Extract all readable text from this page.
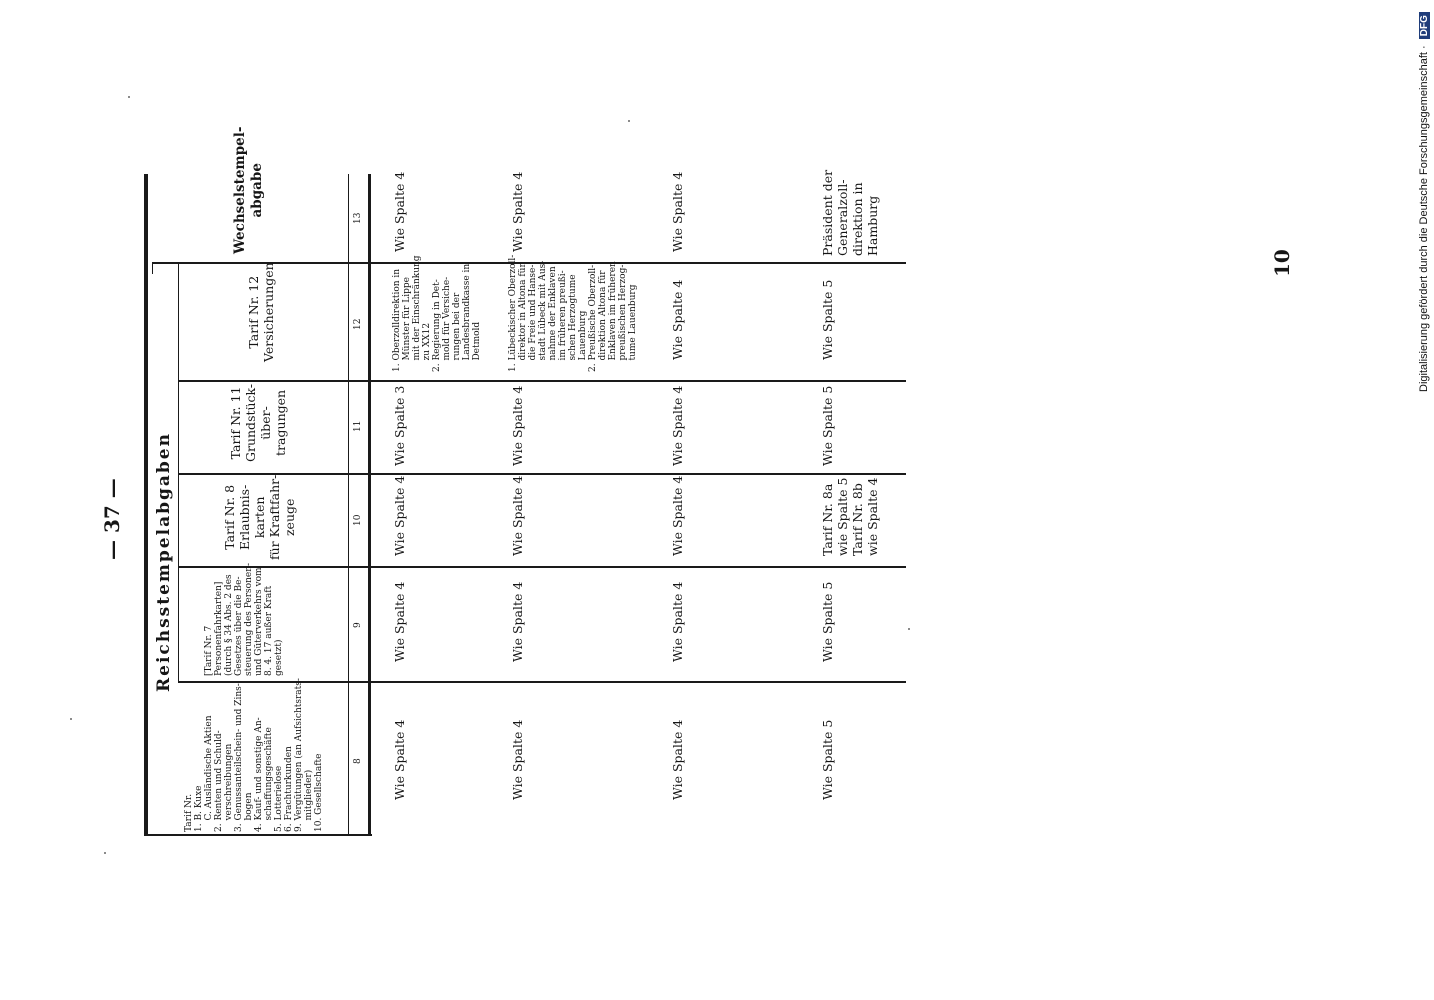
— 37 —
10	Digitalisierung gefördert durch die Deutsche Forschungsgemeinschaft · DFG
Reichsstempelabgaben
Wechselstempel- abgabe
Tarif Nr. 1. B. Kuxe C. Ausländische Aktien 2. Renten und Schuld- verschreibungen 3. Genussanteilschein- und Zins- bogen 4. Kauf- und sonstige An- schaffungsgeschäfte 5. Lotterielose 6. Frachturkunden 9. Vergütungen (an Aufsichtsrats- mitglieder) 10. Gesellschafte
[Tarif Nr. 7 Personenfahrkarten] (durch § 34 Abs. 2 des Gesetzes über die Be- steuerung des Personen- und Güterverkehrs vom 8. 4. 17 außer Kraft gesetzt)
Tarif Nr. 8 Erlaubnis- karten für Kraftfahr- zeuge
Tarif Nr. 11 Grundstück- über- tragungen
Tarif Nr. 12 Versicherungen
8
9
10
11
12
13
Wie Spalte 4
Wie Spalte 4
Wie Spalte 4
Wie Spalte 3
1. Oberzolldirektion in Münster für Lippe mit der Einschränkung zu XX12 2. Regierung in Det- mold für Versiche- rungen bei der Landesbrandkasse in Detmold
Wie Spalte 4
Wie Spalte 4
Wie Spalte 4
Wie Spalte 4
Wie Spalte 4
1. Lübeckischer Oberzoll- direktor in Altona für die Freie und Hanse- stadt Lübeck mit Aus- nahme der Enklaven im früheren preußi- schen Herzogtume Lauenburg 2. Preußische Oberzoll- direktion Altona für Enklaven im früheren preußischen Herzog- tume Lauenburg
Wie Spalte 4
Wie Spalte 4
Wie Spalte 4
Wie Spalte 4
Wie Spalte 4
Wie Spalte 4
Wie Spalte 4
Wie Spalte 5
Wie Spalte 5
Tarif Nr. 8a wie Spalte 5 Tarif Nr. 8b wie Spalte 4
Wie Spalte 5
Wie Spalte 5
Präsident der Generalzoll- direktion in Hamburg
